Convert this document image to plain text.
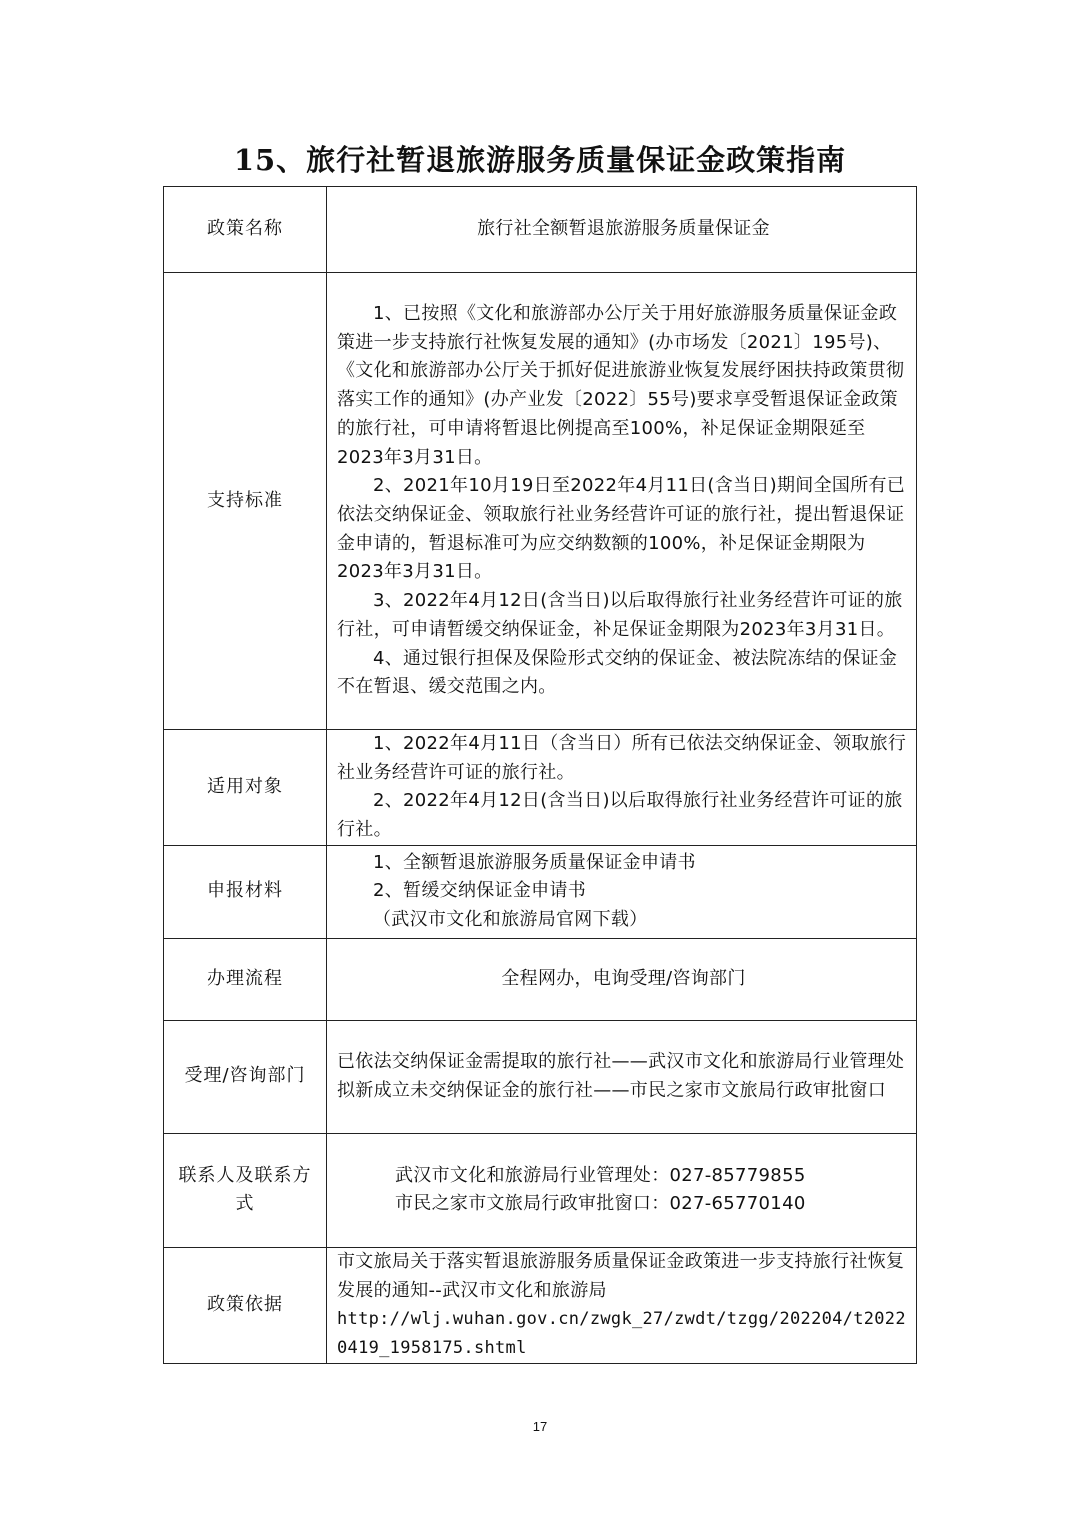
15、旅行社暂退旅游服务质量保证金政策指南
政策名称	旅行社全额暂退旅游服务质量保证金
支持标准	1、已按照《文化和旅游部办公厅关于用好旅游服务质量保证金政策进一步支持旅行社恢复发展的通知》(办市场发〔2021〕195号)、《文化和旅游部办公厅关于抓好促进旅游业恢复发展纾困扶持政策贯彻落实工作的通知》(办产业发〔2022〕55号)要求享受暂退保证金政策的旅行社，可申请将暂退比例提高至100%，补足保证金期限延至2023年3月31日。

2、2021年10月19日至2022年4月11日(含当日)期间全国所有已依法交纳保证金、领取旅行社业务经营许可证的旅行社，提出暂退保证金申请的，暂退标准可为应交纳数额的100%，补足保证金期限为2023年3月31日。

3、2022年4月12日(含当日)以后取得旅行社业务经营许可证的旅行社，可申请暂缓交纳保证金，补足保证金期限为2023年3月31日。

4、通过银行担保及保险形式交纳的保证金、被法院冻结的保证金不在暂退、缓交范围之内。

适用对象	1、2022年4月11日（含当日）所有已依法交纳保证金、领取旅行社业务经营许可证的旅行社。

2、2022年4月12日(含当日)以后取得旅行社业务经营许可证的旅行社。

申报材料	1、全额暂退旅游服务质量保证金申请书

2、暂缓交纳保证金申请书

（武汉市文化和旅游局官网下载）

办理流程	全程网办，电询受理/咨询部门
受理/咨询部门	已依法交纳保证金需提取的旅行社——武汉市文化和旅游局行业管理处

拟新成立未交纳保证金的旅行社——市民之家市文旅局行政审批窗口

联系人及联系方式	武汉市文化和旅游局行业管理处：027-85779855

市民之家市文旅局行政审批窗口：027-65770140

政策依据	市文旅局关于落实暂退旅游服务质量保证金政策进一步支持旅行社恢复发展的通知--武汉市文化和旅游局

http://wlj.wuhan.gov.cn/zwgk_27/zwdt/tzgg/202204/t20220419_1958175.shtml

17
